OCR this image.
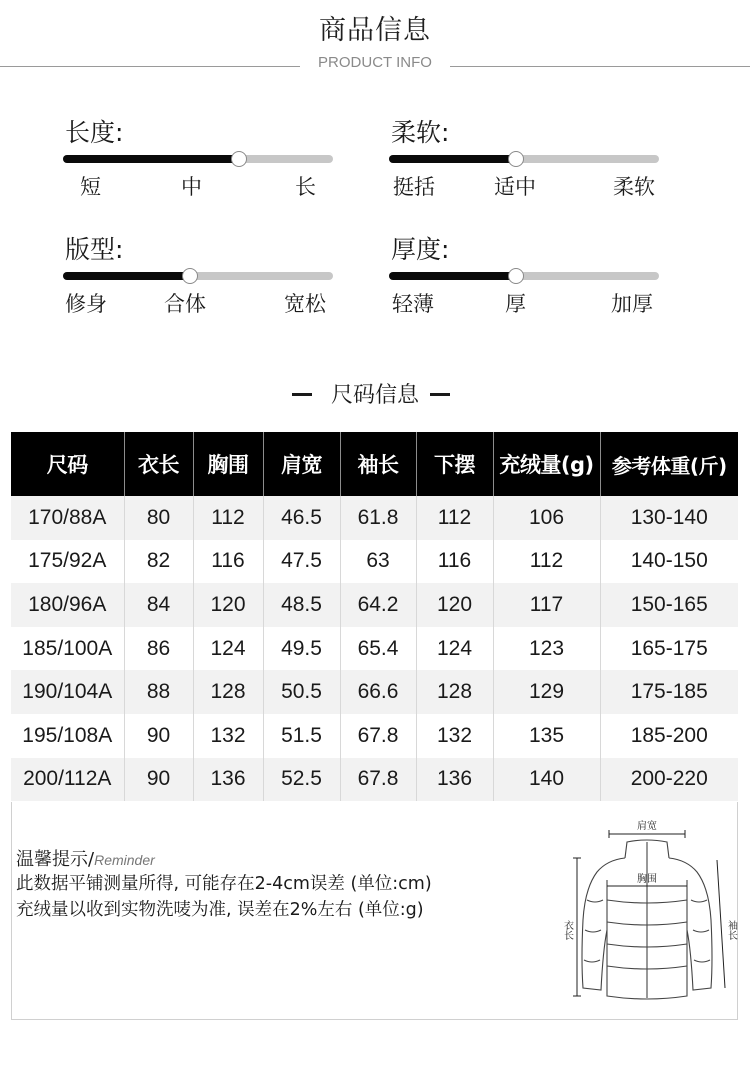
商品信息
PRODUCT INFO
长度:
短	中	长
柔软:
挺括	适中	柔软
版型:
修身	合体	宽松
厚度:
轻薄	厚	加厚
尺码信息
尺码	衣长	胸围	肩宽	袖长	下摆	充绒量(g)	参考体重(斤)
170/88A	80	112	46.5	61.8	112	106	130-140
175/92A	82	116	47.5	63	116	112	140-150
180/96A	84	120	48.5	64.2	120	117	150-165
185/100A	86	124	49.5	65.4	124	123	165-175
190/104A	88	128	50.5	66.6	128	129	175-185
195/108A	90	132	51.5	67.8	132	135	185-200
200/112A	90	136	52.5	67.8	136	140	200-220
温馨提示/Reminder
此数据平铺测量所得, 可能存在2-4cm误差 (单位:cm)
充绒量以收到实物洗唛为准, 误差在2%左右 (单位:g)
肩宽
胸围
衣长	袖长
